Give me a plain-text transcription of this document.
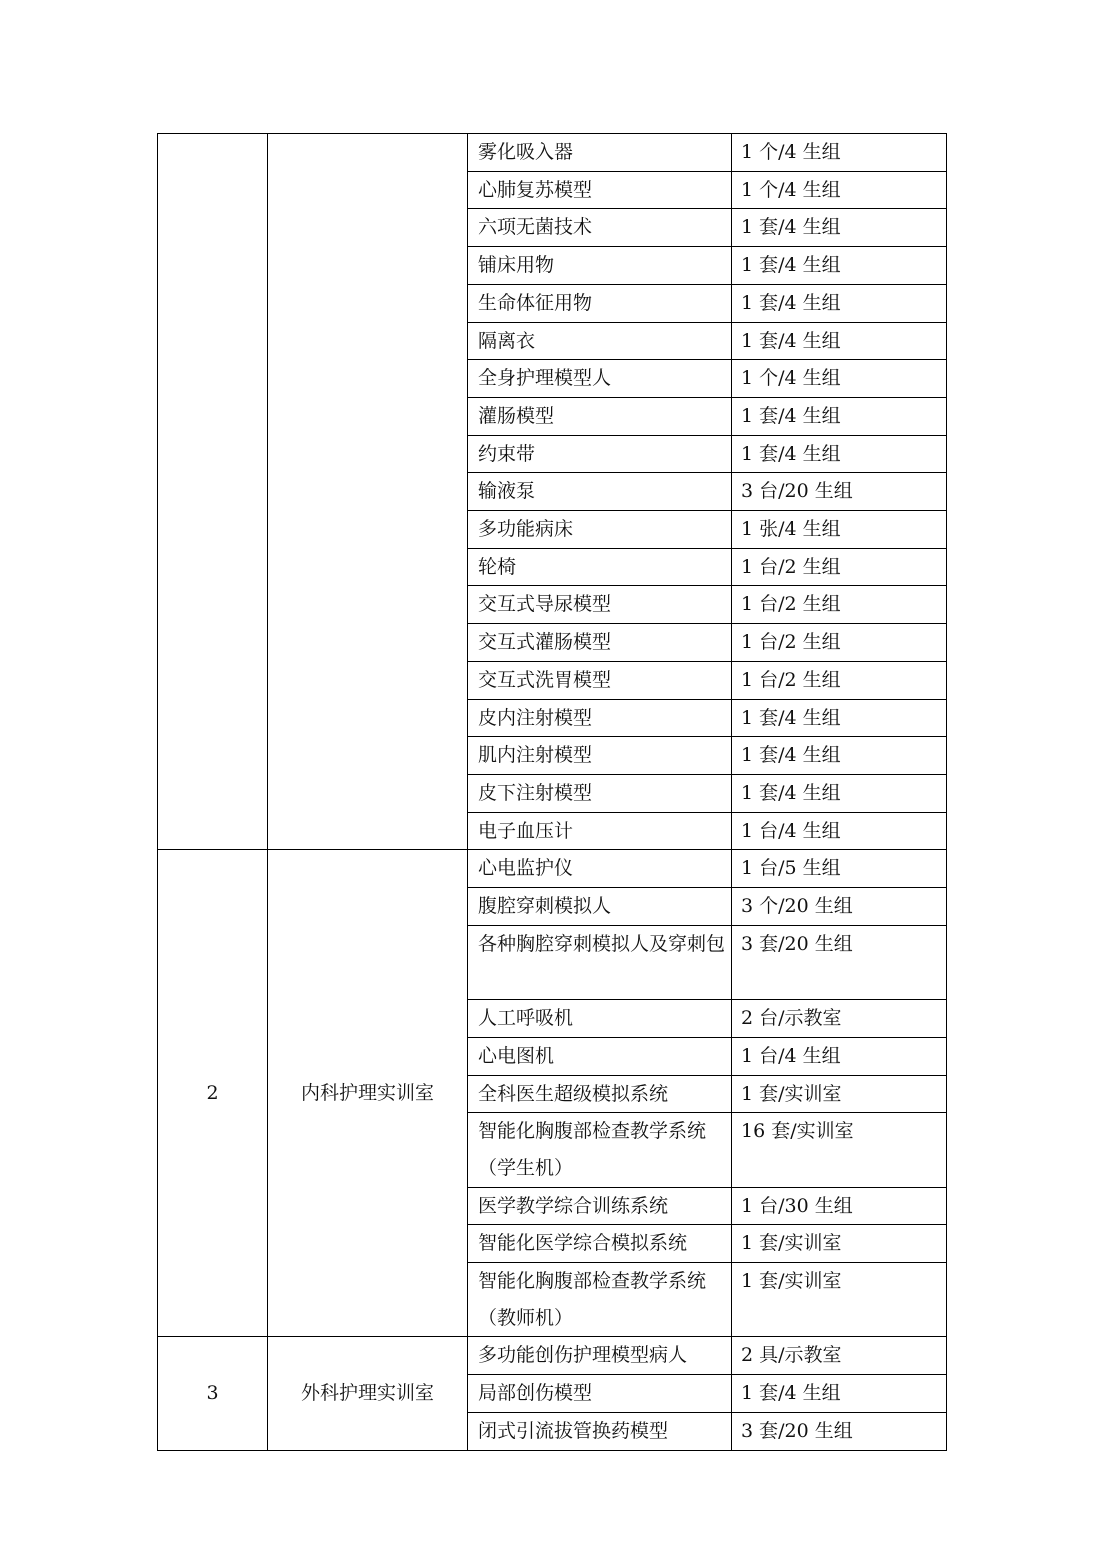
		雾化吸入器	1 个/4 生组
		心肺复苏模型	1 个/4 生组
		六项无菌技术	1 套/4 生组
		铺床用物	1 套/4 生组
		生命体征用物	1 套/4 生组
		隔离衣	1 套/4 生组
		全身护理模型人	1 个/4 生组
		灌肠模型	1 套/4 生组
		约束带	1 套/4 生组
		输液泵	3 台/20 生组
		多功能病床	1 张/4 生组
		轮椅	1 台/2 生组
		交互式导尿模型	1 台/2 生组
		交互式灌肠模型	1 台/2 生组
		交互式洗胃模型	1 台/2 生组
		皮内注射模型	1 套/4 生组
		肌内注射模型	1 套/4 生组
		皮下注射模型	1 套/4 生组
		电子血压计	1 台/4 生组
2	内科护理实训室	心电监护仪	1 台/5 生组
		腹腔穿刺模拟人	3 个/20 生组
		各种胸腔穿刺模拟人及穿刺包	3 套/20 生组
		人工呼吸机	2 台/示教室
		心电图机	1 台/4 生组
		全科医生超级模拟系统	1 套/实训室
		智能化胸腹部检查教学系统（学生机）	16 套/实训室
		医学教学综合训练系统	1 台/30 生组
		智能化医学综合模拟系统	1 套/实训室
		智能化胸腹部检查教学系统（教师机）	1 套/实训室
3	外科护理实训室	多功能创伤护理模型病人	2 具/示教室
		局部创伤模型	1 套/4 生组
		闭式引流拔管换药模型	3 套/20 生组
